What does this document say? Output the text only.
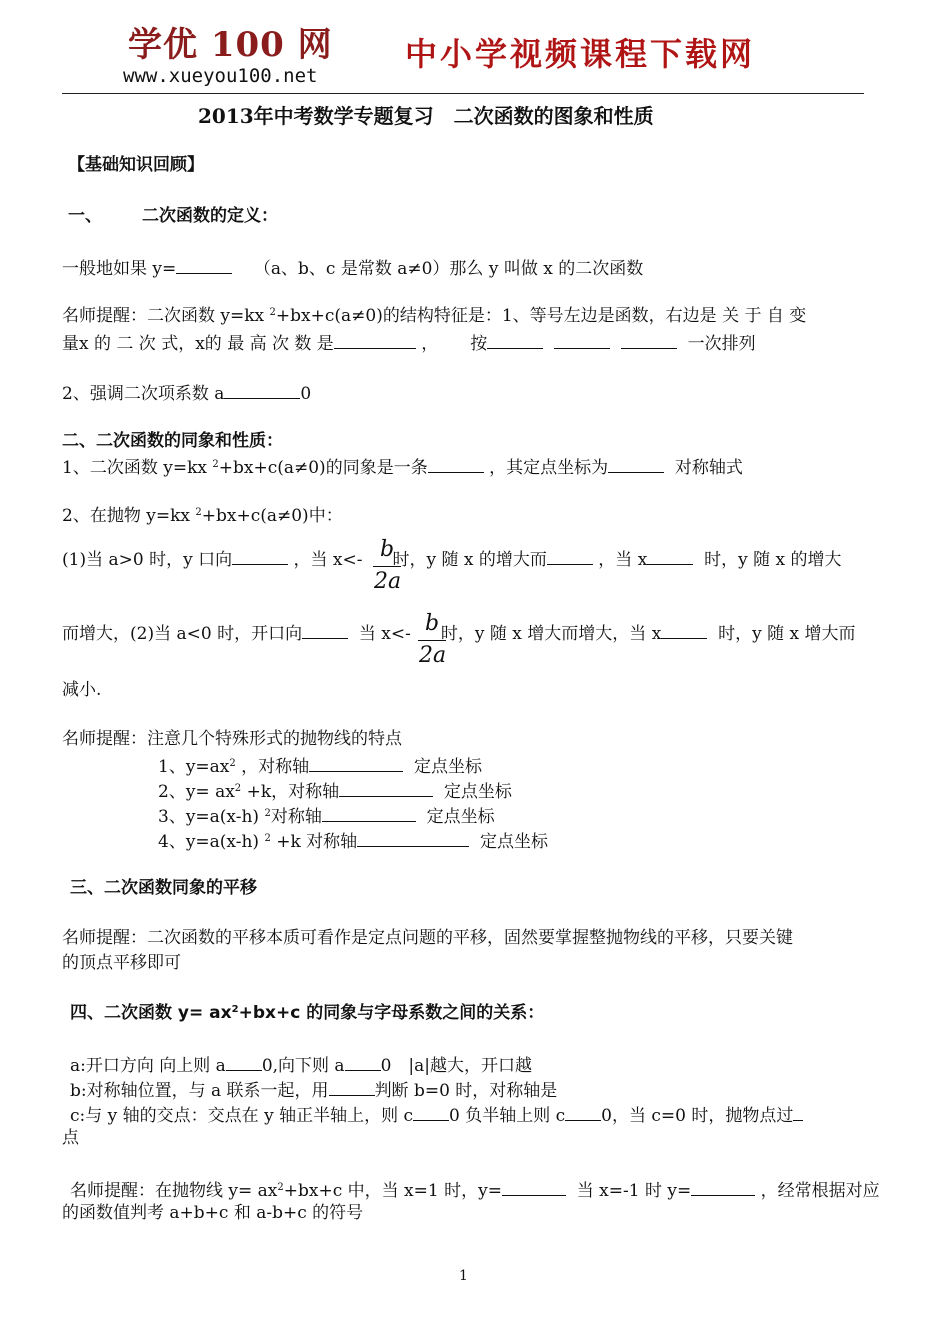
学优 100 网
www.xueyou100.net
中小学视频课程下载网
2013年中考数学专题复习　二次函数的图象和性质
【基础知识回顾】
一、 二次函数的定义：
一般地如果 y=	（a、b、c 是常数 a≠0）那么 y 叫做 x 的二次函数
名师提醒：二次函数 y=kx $^2$+bx+c(a≠0)的结构特征是：1、等号左边是函数，右边是 关 于 自 变
量x 的 二 次 式，x的 最 高 次 数 是	， 按	一次排列
2、强调二次项系数 a	0
二、二次函数的同象和性质：
1、二次函数 y=kx $^2$+bx+c(a≠0)的同象是一条	，其定点坐标为	对称轴式
2、在抛物 y=kx $^2$+bx+c(a≠0)中：
(1)当 a>0 时，y 口向	，当 x<- 时，y 随 x 的增大而	，当 x	时，y 随 x 的增大
b
2a
而增大，(2)当 a<0 时，开口向	当 x<- 时，y 随 x 增大而增大，当 x	时，y 随 x 增大而
b
2a
减小.
名师提醒：注意几个特殊形式的抛物线的特点
1、$y=ax^2$ ，对称轴	定点坐标
2、$y= ax^2 +k$，对称轴	定点坐标
3、y=a(x-h) $^2$对称轴	定点坐标
4、y=a(x-h) $^2$ +k 对称轴	定点坐标
三、二次函数同象的平移
名师提醒：二次函数的平移本质可看作是定点问题的平移，固然要掌握整抛物线的平移，只要关键
的顶点平移即可
四、二次函数 $y= ax^2+bx+c$ 的同象与字母系数之间的关系：
a:开口方向 向上则 a 0,向下则 a 0　|a|越大，开口越
b:对称轴位置，与 a 联系一起，用	判断 b=0 时，对称轴是
c:与 y 轴的交点：交点在 y 轴正半轴上，则 c 0 负半轴上则 c 0，当 c=0 时，抛物点过
点
名师提醒：在抛物线 $y= ax^2+bx+c$ 中，当 x=1 时，y=	当 x=-1 时 y=	，经常根据对应
的函数值判考 a+b+c 和 a-b+c 的符号
1
